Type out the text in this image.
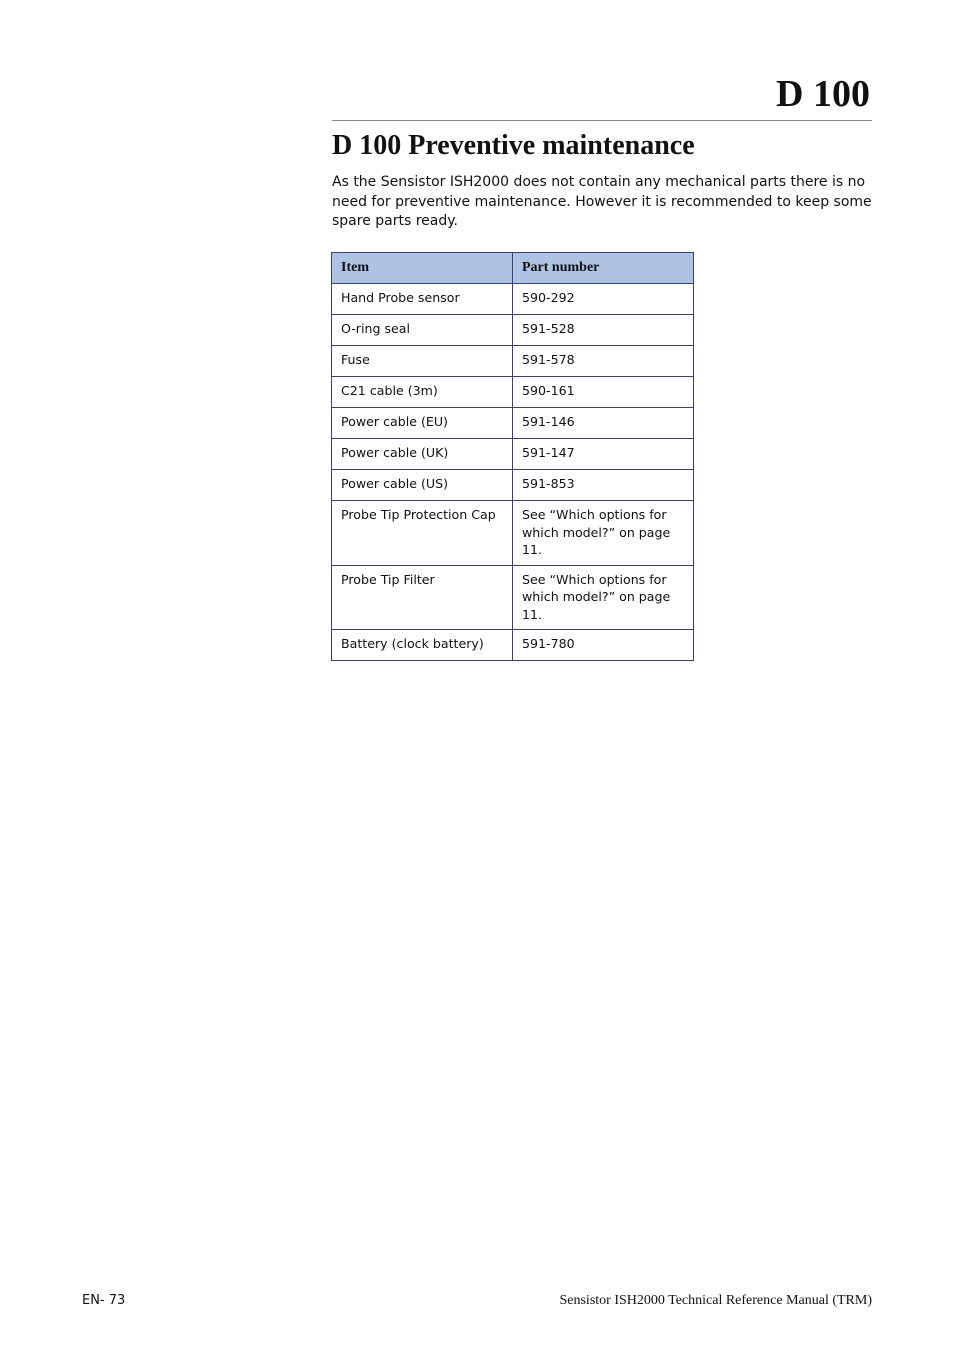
D 100
D 100 Preventive maintenance

As the Sensistor ISH2000 does not contain any mechanical parts there is no need for preventive maintenance. However it is recommended to keep some spare parts ready.

Item	Part number
Hand Probe sensor	590-292
O-ring seal	591-528
Fuse	591-578
C21 cable (3m)	590-161
Power cable (EU)	591-146
Power cable (UK)	591-147
Power cable (US)	591-853
Probe Tip Protection Cap	See “Which options for which model?” on page 11.
Probe Tip Filter	See “Which options for which model?” on page 11.
Battery (clock battery)	591-780

EN- 73	Sensistor ISH2000 Technical Reference Manual (TRM)
